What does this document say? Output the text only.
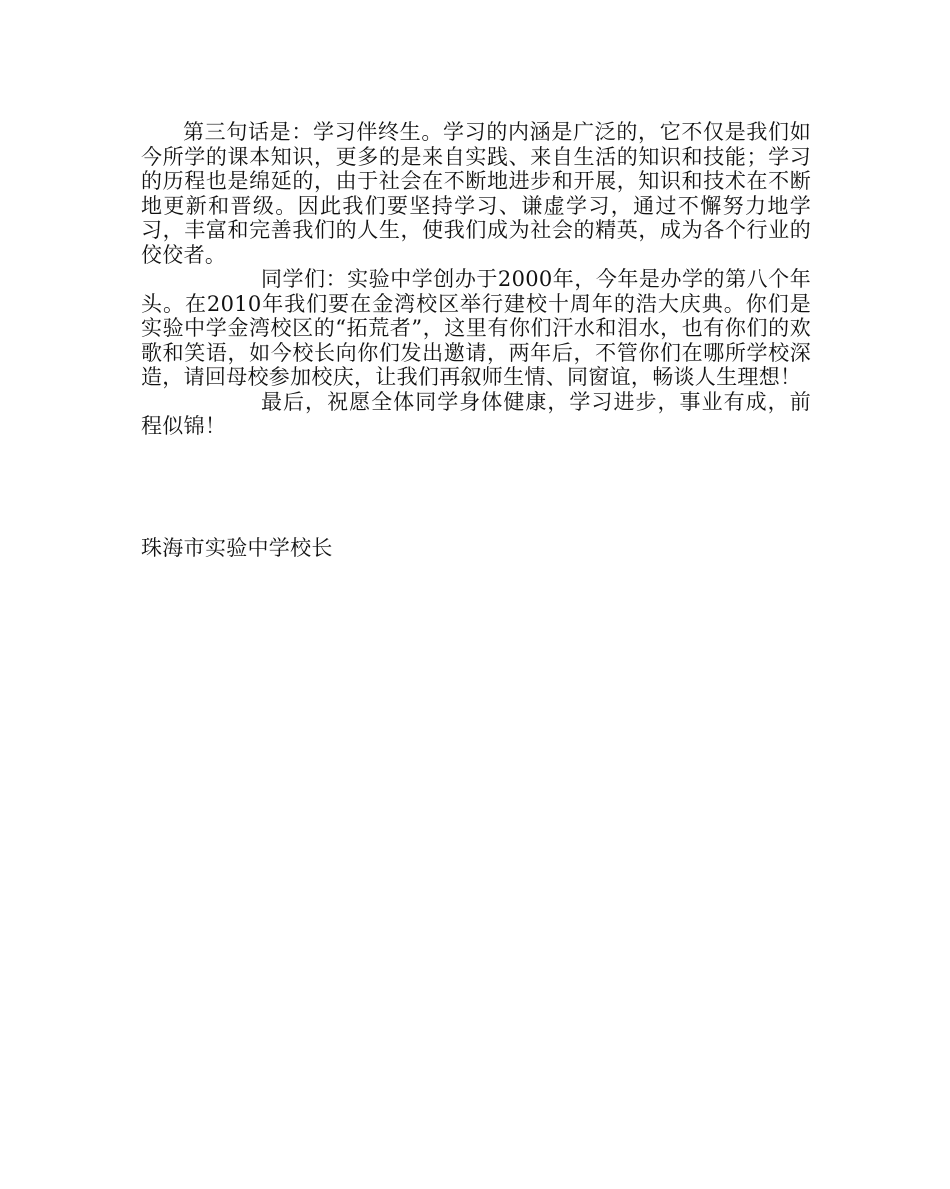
第三句话是：学习伴终生。学习的内涵是广泛的，它不仅是我们如今所学的课本知识，更多的是来自实践、来自生活的知识和技能；学习的历程也是绵延的，由于社会在不断地进步和开展，知识和技术在不断地更新和晋级。因此我们要坚持学习、谦虚学习，通过不懈努力地学习，丰富和完善我们的人生，使我们成为社会的精英，成为各个行业的佼佼者。

同学们：实验中学创办于2000年，今年是办学的第八个年头。在2010年我们要在金湾校区举行建校十周年的浩大庆典。你们是实验中学金湾校区的“拓荒者”，这里有你们汗水和泪水，也有你们的欢歌和笑语，如今校长向你们发出邀请，两年后，不管你们在哪所学校深造，请回母校参加校庆，让我们再叙师生情、同窗谊，畅谈人生理想！

最后，祝愿全体同学身体健康，学习进步，事业有成，前程似锦！

珠海市实验中学校长
